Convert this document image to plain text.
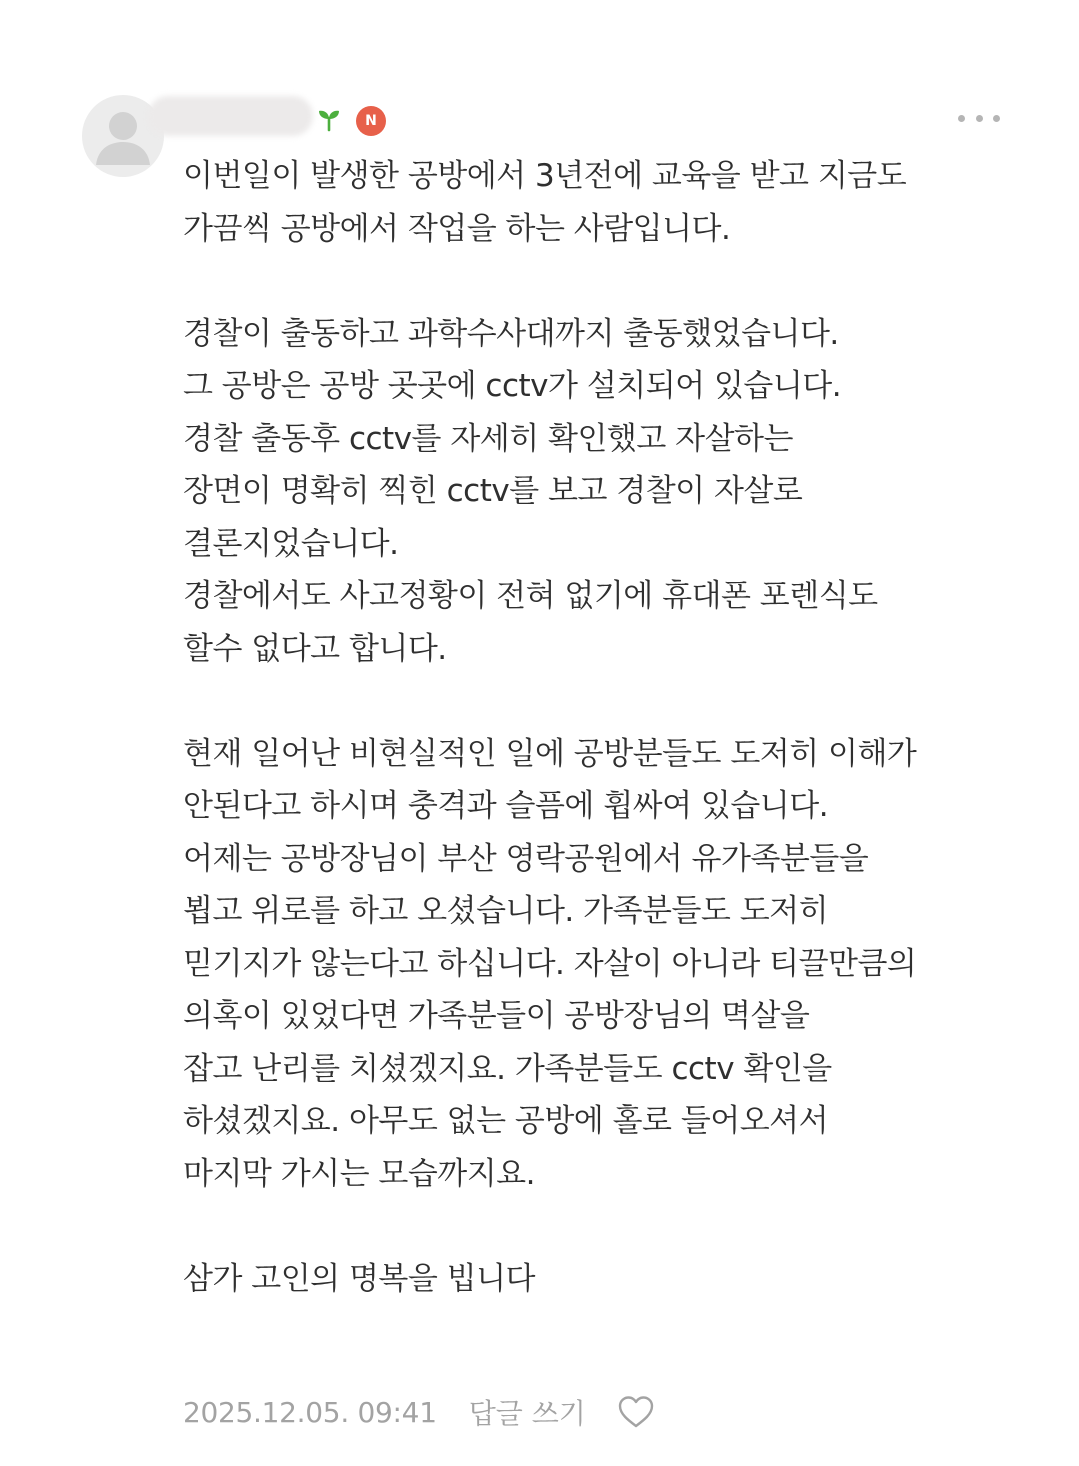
N
이번일이 발생한 공방에서 3년전에 교육을 받고 지금도
가끔씩 공방에서 작업을 하는 사람입니다.
경찰이 출동하고 과학수사대까지 출동했었습니다.
그 공방은 공방 곳곳에 cctv가 설치되어 있습니다.
경찰 출동후 cctv를 자세히 확인했고 자살하는
장면이 명확히 찍힌 cctv를 보고 경찰이 자살로
결론지었습니다.
경찰에서도 사고정황이 전혀 없기에 휴대폰 포렌식도
할수 없다고 합니다.
현재 일어난 비현실적인 일에 공방분들도 도저히 이해가
안된다고 하시며 충격과 슬픔에 휩싸여 있습니다.
어제는 공방장님이 부산 영락공원에서 유가족분들을
뵙고 위로를 하고 오셨습니다. 가족분들도 도저히
믿기지가 않는다고 하십니다. 자살이 아니라 티끌만큼의
의혹이 있었다면 가족분들이 공방장님의 멱살을
잡고 난리를 치셨겠지요. 가족분들도 cctv 확인을
하셨겠지요. 아무도 없는 공방에 홀로 들어오셔서
마지막 가시는 모습까지요.
삼가 고인의 명복을 빕니다
2025.12.05. 09:41 답글 쓰기
